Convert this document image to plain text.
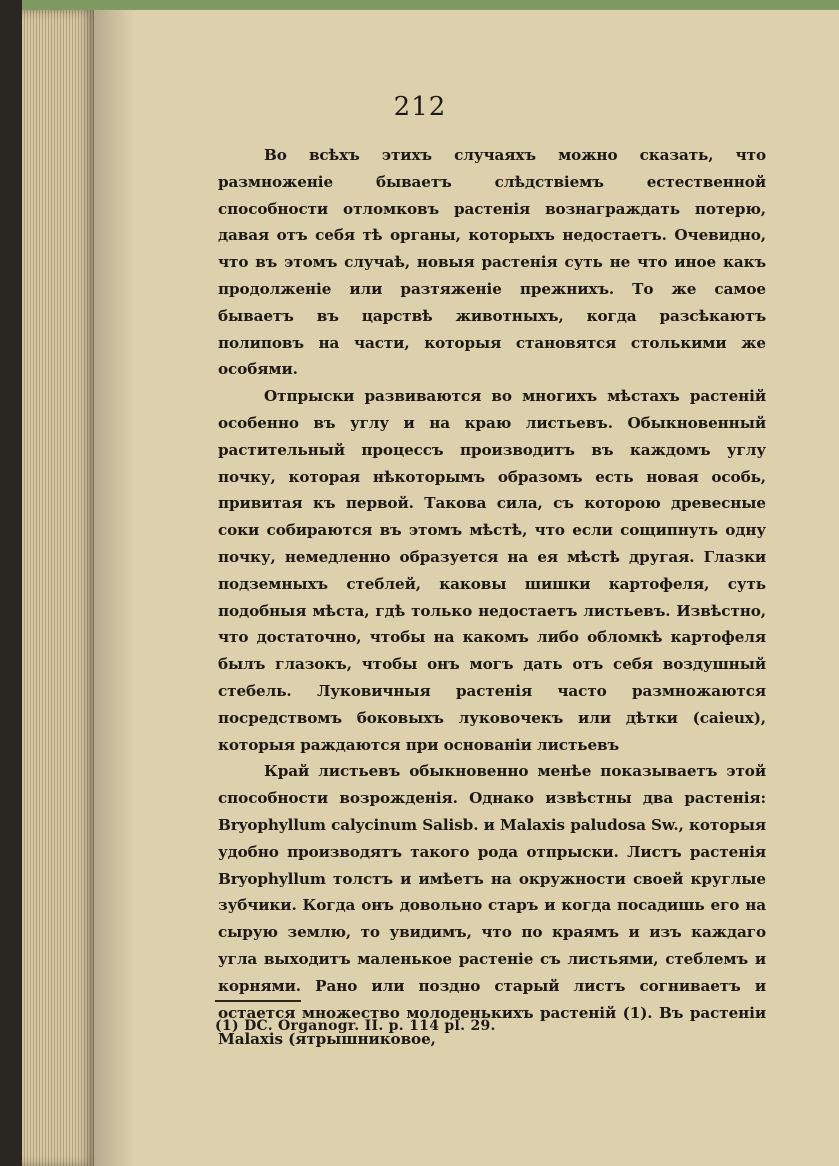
212

Во всѣхъ этихъ случаяхъ можно сказать, что размноженіе бываетъ слѣдствіемъ естественной способности отломковъ растенія вознаграждать потерю, давая отъ себя тѣ органы, которыхъ недостаетъ. Очевидно, что въ этомъ случаѣ, новыя растенія суть не что иное какъ продолженіе или разтяженіе прежнихъ. То же самое бываетъ въ царствѣ животныхъ, когда разсѣкаютъ полиповъ на части, которыя становятся столькими же особями.

Отпрыски развиваются во многихъ мѣстахъ растеній особенно въ углу и на краю листьевъ. Обыкновенный растительный процессъ производитъ въ каждомъ углу почку, которая нѣкоторымъ образомъ есть новая особь, привитая къ первой. Такова сила, съ которою древесные соки собираются въ этомъ мѣстѣ, что если сощипнуть одну почку, немедленно образуется на ея мѣстѣ другая. Глазки подземныхъ стеблей, каковы шишки картофеля, суть подобныя мѣста, гдѣ только недостаетъ листьевъ. Извѣстно, что достаточно, чтобы на какомъ либо обломкѣ картофеля былъ глазокъ, чтобы онъ могъ дать отъ себя воздушный стебель. Луковичныя растенія часто размножаются посредствомъ боковыхъ луковочекъ или дѣтки (caieux), которыя раждаются при основаніи листьевъ

Край листьевъ обыкновенно менѣе показываетъ этой способности возрожденія. Однако извѣстны два растенія: Bryophyllum calycinum Salisb. и Malaxis paludosa Sw., которыя удобно производятъ такого рода отпрыски. Листъ растенія Bryophyllum толстъ и имѣетъ на окружности своей круглые зубчики. Когда онъ довольно старъ и когда посадишь его на сырую землю, то увидимъ, что по краямъ и изъ каждаго угла выходитъ маленькое растеніе съ листьями, стеблемъ и корнями. Рано или поздно старый листъ согниваетъ и остается множество молоденькихъ растеній (1). Въ растеніи Malaxis (ятрышниковое,

(1) DC. Organogr. II. p. 114 pl. 29.
